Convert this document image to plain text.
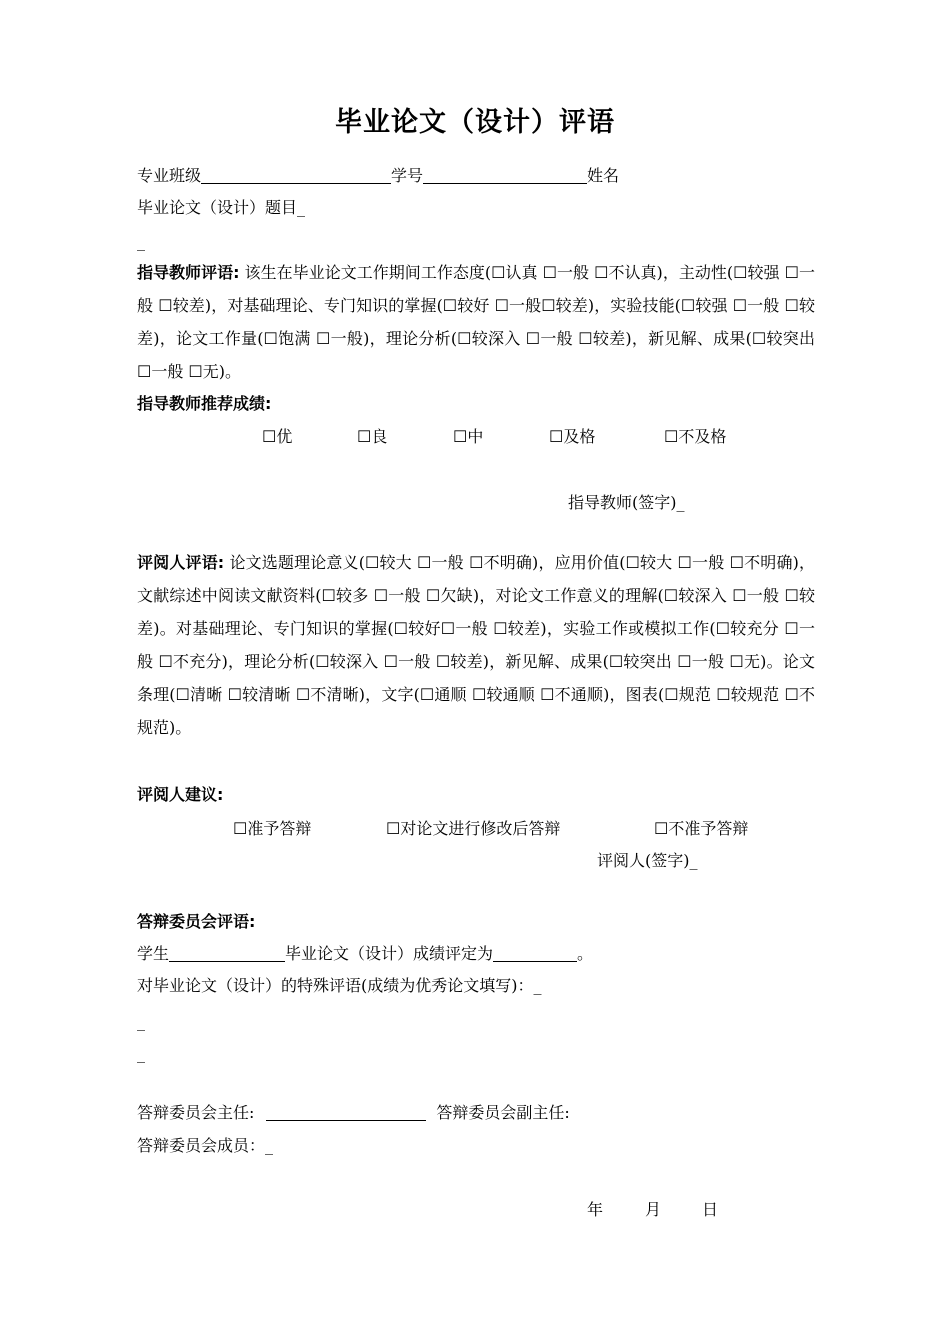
毕业论文（设计）评语
专业班级	学号	姓名
毕业论文（设计）题目_
_
指导教师评语: 该生在毕业论文工作期间工作态度(☐认真 ☐一般 ☐不认真)，主动性(☐较强 ☐一般 ☐较差)，对基础理论、专门知识的掌握(☐较好 ☐一般☐较差)，实验技能(☐较强 ☐一般 ☐较差)，论文工作量(☐饱满 ☐一般)，理论分析(☐较深入 ☐一般 ☐较差)，新见解、成果(☐较突出 ☐一般 ☐无)。
指导教师推荐成绩:
☐优	☐良	☐中	☐及格	☐不及格
指导教师(签字)_
评阅人评语: 论文选题理论意义(☐较大 ☐一般 ☐不明确)，应用价值(☐较大 ☐一般 ☐不明确)，文献综述中阅读文献资料(☐较多 ☐一般 ☐欠缺)，对论文工作意义的理解(☐较深入 ☐一般 ☐较差)。对基础理论、专门知识的掌握(☐较好☐一般 ☐较差)，实验工作或模拟工作(☐较充分 ☐一般 ☐不充分)，理论分析(☐较深入 ☐一般 ☐较差)，新见解、成果(☐较突出 ☐一般 ☐无)。论文条理(☐清晰 ☐较清晰 ☐不清晰)，文字(☐通顺 ☐较通顺 ☐不通顺)，图表(☐规范 ☐较规范 ☐不规范)。
评阅人建议:
☐准予答辩	☐对论文进行修改后答辩	☐不准予答辩
评阅人(签字)_
答辩委员会评语:
学生	毕业论文（设计）成绩评定为	。
对毕业论文（设计）的特殊评语(成绩为优秀论文填写)：_
_
_
答辩委员会主任:	答辩委员会副主任:
答辩委员会成员：_
年	月	日
